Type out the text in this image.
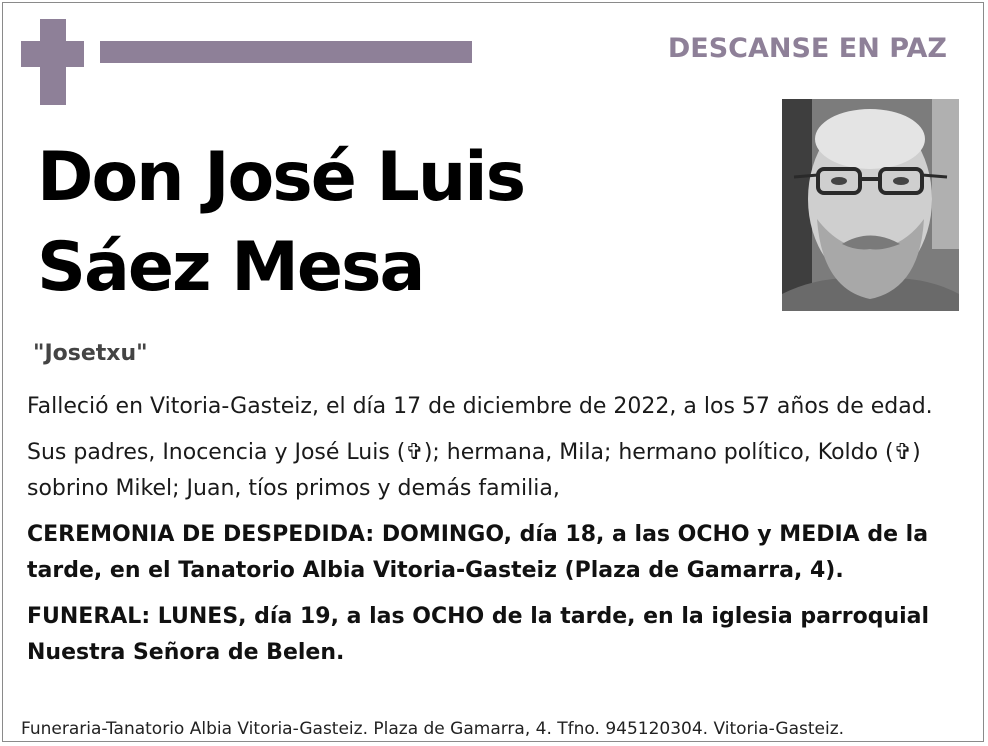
DESCANSE EN PAZ
Don José Luis
Sáez Mesa
"Josetxu"

Falleció en Vitoria-Gasteiz, el día 17 de diciembre de 2022, a los 57 años de edad.

Sus padres, Inocencia y José Luis (✞); hermana, Mila; hermano político, Koldo (✞) sobrino Mikel; Juan, tíos primos y demás familia,

CEREMONIA DE DESPEDIDA: DOMINGO, día 18, a las OCHO y MEDIA de la tarde, en el Tanatorio Albia Vitoria-Gasteiz (Plaza de Gamarra, 4).

FUNERAL: LUNES, día 19, a las OCHO de la tarde, en la iglesia parroquial Nuestra Señora de Belen.

Funeraria-Tanatorio Albia Vitoria-Gasteiz. Plaza de Gamarra, 4. Tfno. 945120304. Vitoria-Gasteiz.
